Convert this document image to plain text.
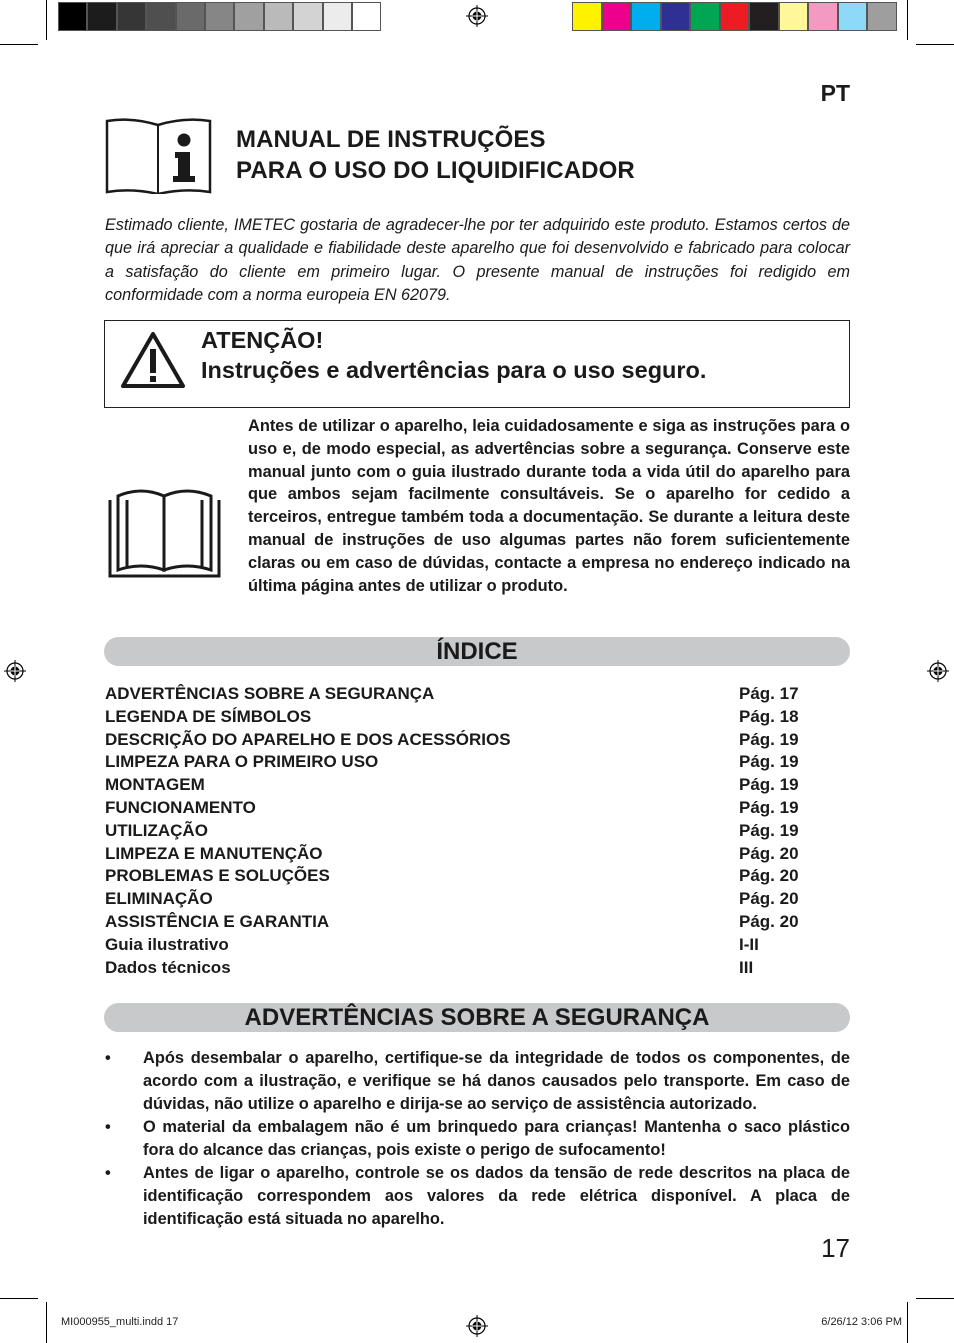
PT
MANUAL DE INSTRUÇÕES
PARA O USO DO LIQUIDIFICADOR
Estimado cliente, IMETEC gostaria de agradecer-lhe por ter adquirido este produto. Estamos certos de que irá apreciar a qualidade e fiabilidade deste aparelho que foi desenvolvido e fabricado para colocar a satisfação do cliente em primeiro lugar. O presente manual de instruções foi redigido em conformidade com a norma europeia EN 62079.
ATENÇÃO!
Instruções e advertências para o uso seguro.
Antes de utilizar o aparelho, leia cuidadosamente e siga as instruções para o uso e, de modo especial, as advertências sobre a segurança. Conserve este manual junto com o guia ilustrado durante toda a vida útil do aparelho para que ambos sejam facilmente consultáveis. Se o aparelho for cedido a terceiros, entregue também toda a documentação. Se durante a leitura deste manual de instruções de uso algumas partes não forem suficientemente claras ou em caso de dúvidas, contacte a empresa no endereço indicado na última página antes de utilizar o produto.
ÍNDICE
ADVERTÊNCIAS SOBRE A SEGURANÇA	Pág. 17
LEGENDA DE SÍMBOLOS	Pág. 18
DESCRIÇÃO DO APARELHO E DOS ACESSÓRIOS	Pág. 19
LIMPEZA PARA O PRIMEIRO USO	Pág. 19
MONTAGEM	Pág. 19
FUNCIONAMENTO	Pág. 19
UTILIZAÇÃO	Pág. 19
LIMPEZA E MANUTENÇÃO	Pág. 20
PROBLEMAS E SOLUÇÕES	Pág. 20
ELIMINAÇÃO	Pág. 20
ASSISTÊNCIA E GARANTIA	Pág. 20
Guia ilustrativo	I-II
Dados técnicos	III
ADVERTÊNCIAS SOBRE A SEGURANÇA
•	Após desembalar o aparelho, certifique-se da integridade de todos os componentes, de acordo com a ilustração, e verifique se há danos causados pelo transporte. Em caso de dúvidas, não utilize o aparelho e dirija-se ao serviço de assistência autorizado.
•	O material da embalagem não é um brinquedo para crianças! Mantenha o saco plástico fora do alcance das crianças, pois existe o perigo de sufocamento!
•	Antes de ligar o aparelho, controle se os dados da tensão de rede descritos na placa de identificação correspondem aos valores da rede elétrica disponível. A placa de identificação está situada no aparelho.
17
MI000955_multi.indd 17	6/26/12 3:06 PM
